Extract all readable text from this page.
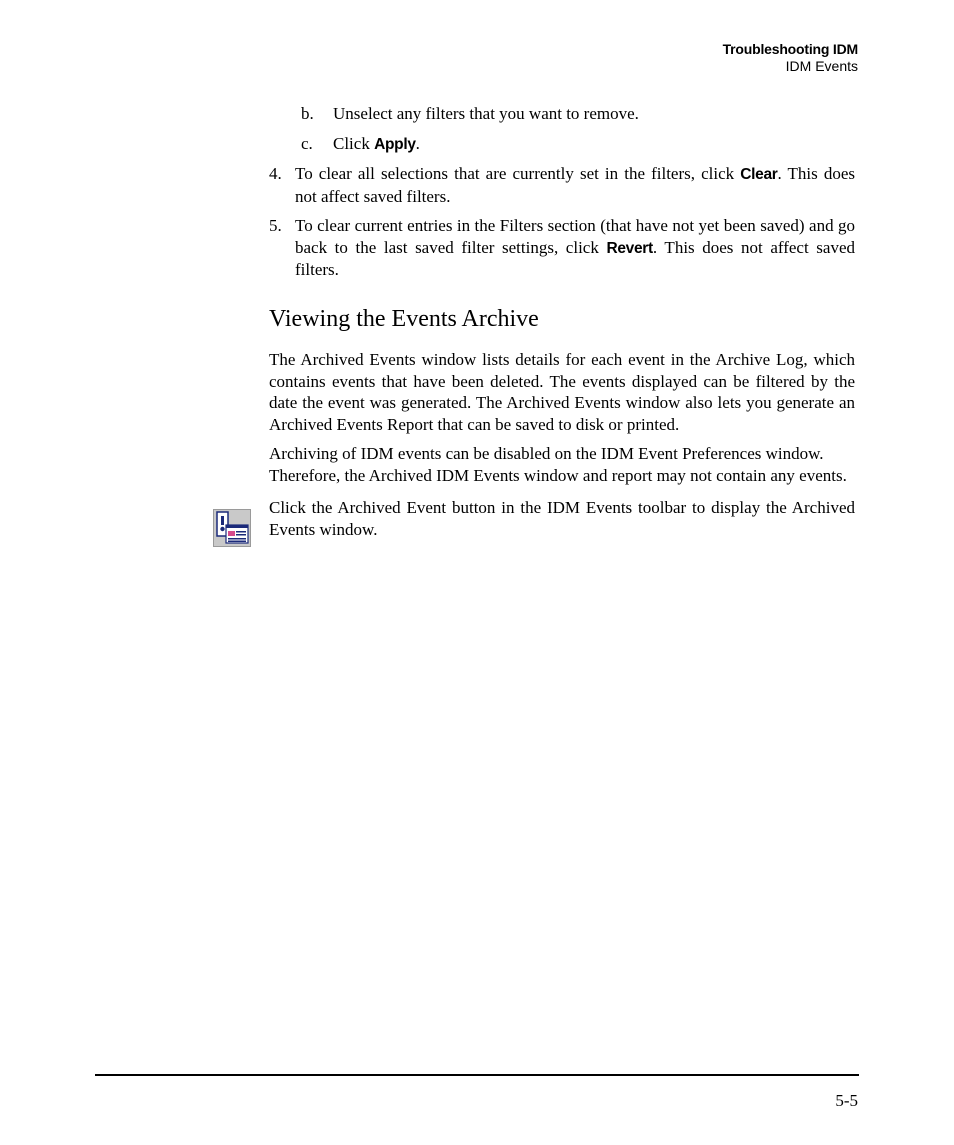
Troubleshooting IDM
IDM Events
b. Unselect any filters that you want to remove.
c. Click Apply.
4. To clear all selections that are currently set in the filters, click Clear. This does not affect saved filters.
5. To clear current entries in the Filters section (that have not yet been saved) and go back to the last saved filter settings, click Revert. This does not affect saved filters.
Viewing the Events Archive
The Archived Events window lists details for each event in the Archive Log, which contains events that have been deleted. The events displayed can be filtered by the date the event was generated. The Archived Events window also lets you generate an Archived Events Report that can be saved to disk or printed.
Archiving of IDM events can be disabled on the IDM Event Preferences window. Therefore, the Archived IDM Events window and report may not contain any events.
Click the Archived Event button in the IDM Events toolbar to display the Archived Events window.
5-5
